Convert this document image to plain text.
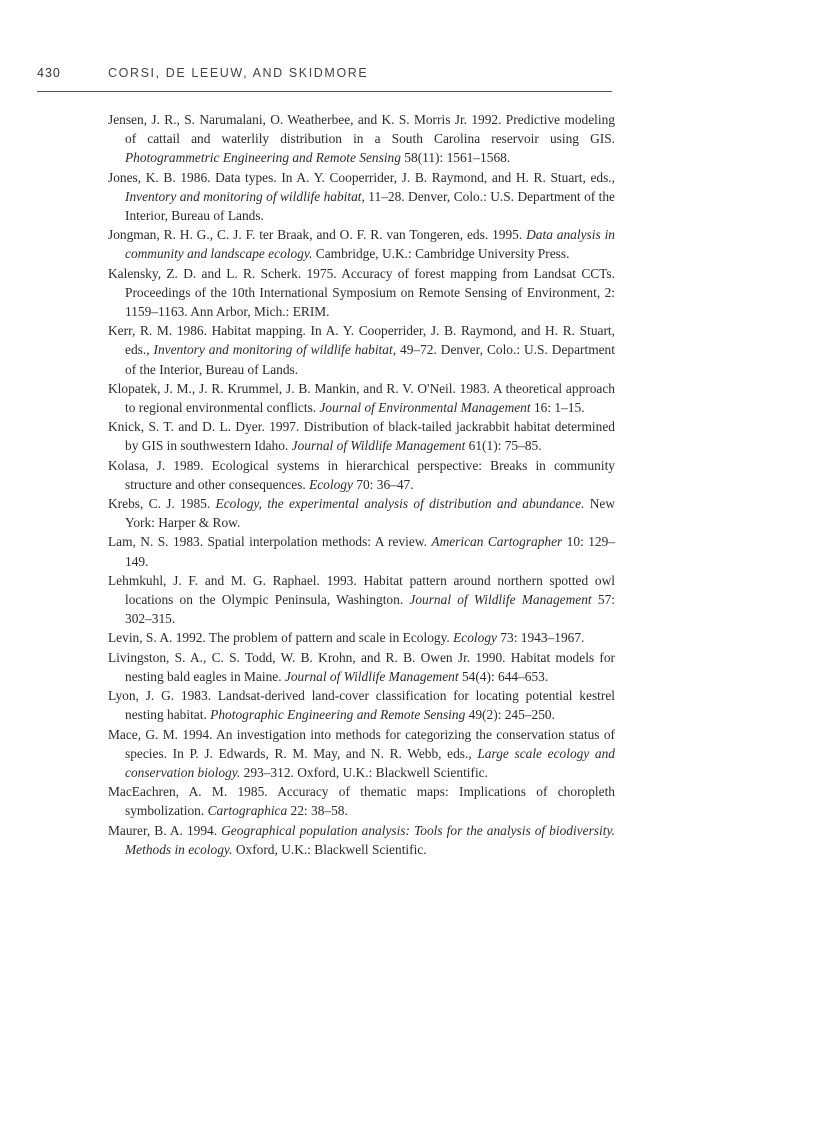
430	CORSI, DE LEEUW, AND SKIDMORE
Jensen, J. R., S. Narumalani, O. Weatherbee, and K. S. Morris Jr. 1992. Predictive modeling of cattail and waterlily distribution in a South Carolina reservoir using GIS. Photogrammetric Engineering and Remote Sensing 58(11): 1561–1568.
Jones, K. B. 1986. Data types. In A. Y. Cooperrider, J. B. Raymond, and H. R. Stuart, eds., Inventory and monitoring of wildlife habitat, 11–28. Denver, Colo.: U.S. Department of the Interior, Bureau of Lands.
Jongman, R. H. G., C. J. F. ter Braak, and O. F. R. van Tongeren, eds. 1995. Data analysis in community and landscape ecology. Cambridge, U.K.: Cambridge University Press.
Kalensky, Z. D. and L. R. Scherk. 1975. Accuracy of forest mapping from Landsat CCTs. Proceedings of the 10th International Symposium on Remote Sensing of Environment, 2: 1159–1163. Ann Arbor, Mich.: ERIM.
Kerr, R. M. 1986. Habitat mapping. In A. Y. Cooperrider, J. B. Raymond, and H. R. Stuart, eds., Inventory and monitoring of wildlife habitat, 49–72. Denver, Colo.: U.S. Department of the Interior, Bureau of Lands.
Klopatek, J. M., J. R. Krummel, J. B. Mankin, and R. V. O'Neil. 1983. A theoretical approach to regional environmental conflicts. Journal of Environmental Management 16: 1–15.
Knick, S. T. and D. L. Dyer. 1997. Distribution of black-tailed jackrabbit habitat determined by GIS in southwestern Idaho. Journal of Wildlife Management 61(1): 75–85.
Kolasa, J. 1989. Ecological systems in hierarchical perspective: Breaks in community structure and other consequences. Ecology 70: 36–47.
Krebs, C. J. 1985. Ecology, the experimental analysis of distribution and abundance. New York: Harper & Row.
Lam, N. S. 1983. Spatial interpolation methods: A review. American Cartographer 10: 129–149.
Lehmkuhl, J. F. and M. G. Raphael. 1993. Habitat pattern around northern spotted owl locations on the Olympic Peninsula, Washington. Journal of Wildlife Management 57: 302–315.
Levin, S. A. 1992. The problem of pattern and scale in Ecology. Ecology 73: 1943–1967.
Livingston, S. A., C. S. Todd, W. B. Krohn, and R. B. Owen Jr. 1990. Habitat models for nesting bald eagles in Maine. Journal of Wildlife Management 54(4): 644–653.
Lyon, J. G. 1983. Landsat-derived land-cover classification for locating potential kestrel nesting habitat. Photographic Engineering and Remote Sensing 49(2): 245–250.
Mace, G. M. 1994. An investigation into methods for categorizing the conservation status of species. In P. J. Edwards, R. M. May, and N. R. Webb, eds., Large scale ecology and conservation biology. 293–312. Oxford, U.K.: Blackwell Scientific.
MacEachren, A. M. 1985. Accuracy of thematic maps: Implications of choropleth symbolization. Cartographica 22: 38–58.
Maurer, B. A. 1994. Geographical population analysis: Tools for the analysis of biodiversity. Methods in ecology. Oxford, U.K.: Blackwell Scientific.
